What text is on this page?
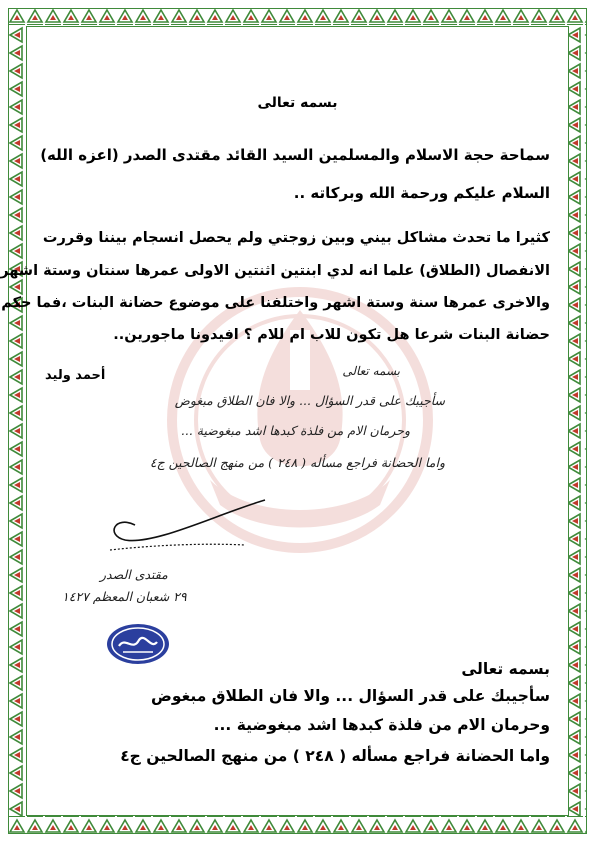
بسمه تعالى
سماحة حجة الاسلام والمسلمين السيد القائد مقتدى الصدر (اعزه الله)
السلام عليكم ورحمة الله وبركاته ..
كثيرا ما تحدث مشاكل بيني وبين زوجتي ولم يحصل انسجام بيننا وقررت
الانفصال (الطلاق) علما انه لدي ابنتين اثنتين الاولى عمرها سنتان وستة اشهر
والاخرى عمرها سنة وستة اشهر واختلفنا على موضوع حضانة البنات ،فما حكم
حضانة البنات شرعا هل تكون للاب ام للام ؟ افيدونا ماجورين..
أحمد وليد	بسمه تعالى
سأجيبك على قدر السؤال ... والا فان الطلاق مبغوض
وحرمان الام من فلذة كبدها اشد مبغوضية ...
واما الحضانة فراجع مسأله ( ٢٤٨ ) من منهج الصالحين ج٤
مقتدى الصدر
٢٩ شعبان المعظم ١٤٢٧
بسمه تعالى
سأجيبك على قدر السؤال ... والا فان الطلاق مبغوض
وحرمان الام من فلذة كبدها اشد مبغوضية ...
واما الحضانة فراجع مسأله ( ٢٤٨ ) من منهج الصالحين ج٤
